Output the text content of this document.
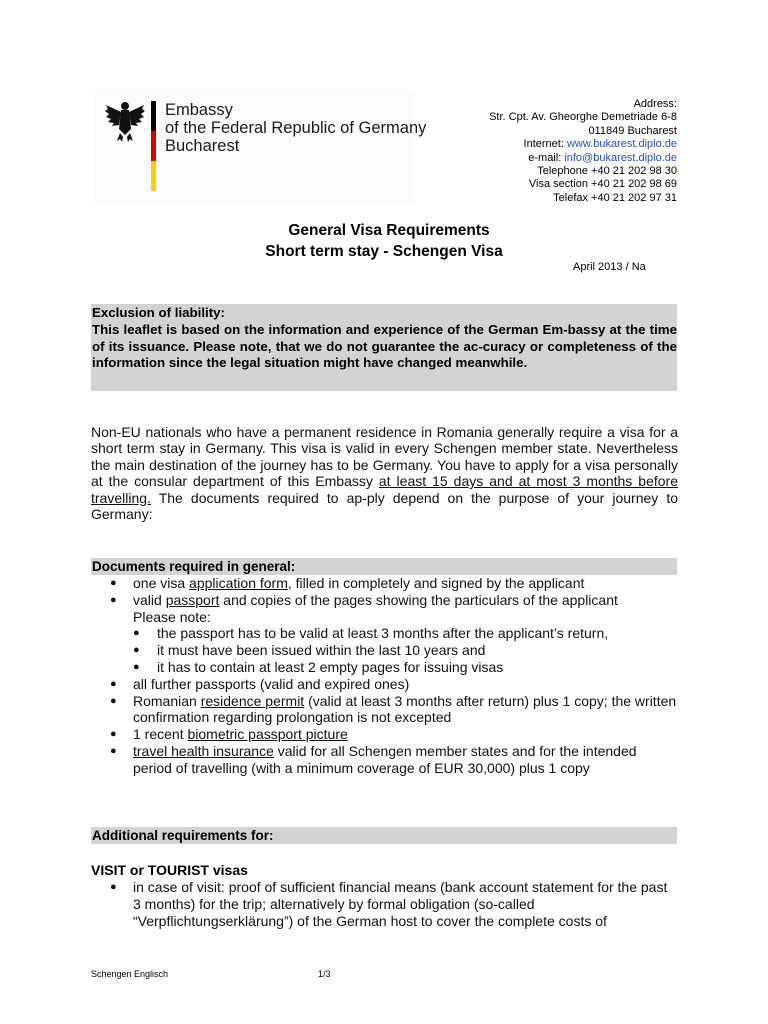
Embassy
of the Federal Republic of Germany
Bucharest
Address:
Str. Cpt. Av. Gheorghe Demetriade 6-8
011849 Bucharest
Internet: www.bukarest.diplo.de
e-mail: info@bukarest.diplo.de
Telephone +40 21 202 98 30
Visa section +40 21 202 98 69
Telefax +40 21 202 97 31
General Visa Requirements
Short term stay - Schengen Visa
April 2013 / Na
Exclusion of liability:
This leaflet is based on the information and experience of the German Em-bassy at the time of its issuance. Please note, that we do not guarantee the ac-curacy or completeness of the information since the legal situation might have changed meanwhile.
Non-EU nationals who have a permanent residence in Romania generally require a visa for a short term stay in Germany. This visa is valid in every Schengen member state. Nevertheless the main destination of the journey has to be Germany. You have to apply for a visa personally at the consular department of this Embassy at least 15 days and at most 3 months before travelling. The documents required to ap-ply depend on the purpose of your journey to Germany:
Documents required in general:
● one visa application form, filled in completely and signed by the applicant
● valid passport and copies of the pages showing the particulars of the applicant
Please note:
● the passport has to be valid at least 3 months after the applicant’s return,
● it must have been issued within the last 10 years and
● it has to contain at least 2 empty pages for issuing visas
● all further passports (valid and expired ones)
● Romanian residence permit (valid at least 3 months after return) plus 1 copy; the written confirmation regarding prolongation is not excepted
● 1 recent biometric passport picture
● travel health insurance valid for all Schengen member states and for the intended period of travelling (with a minimum coverage of EUR 30,000) plus 1 copy
Additional requirements for:
VISIT or TOURIST visas
● in case of visit: proof of sufficient financial means (bank account statement for the past 3 months) for the trip; alternatively by formal obligation (so-called “Verpflichtungserklärung”) of the German host to cover the complete costs of
Schengen Englisch	1/3
